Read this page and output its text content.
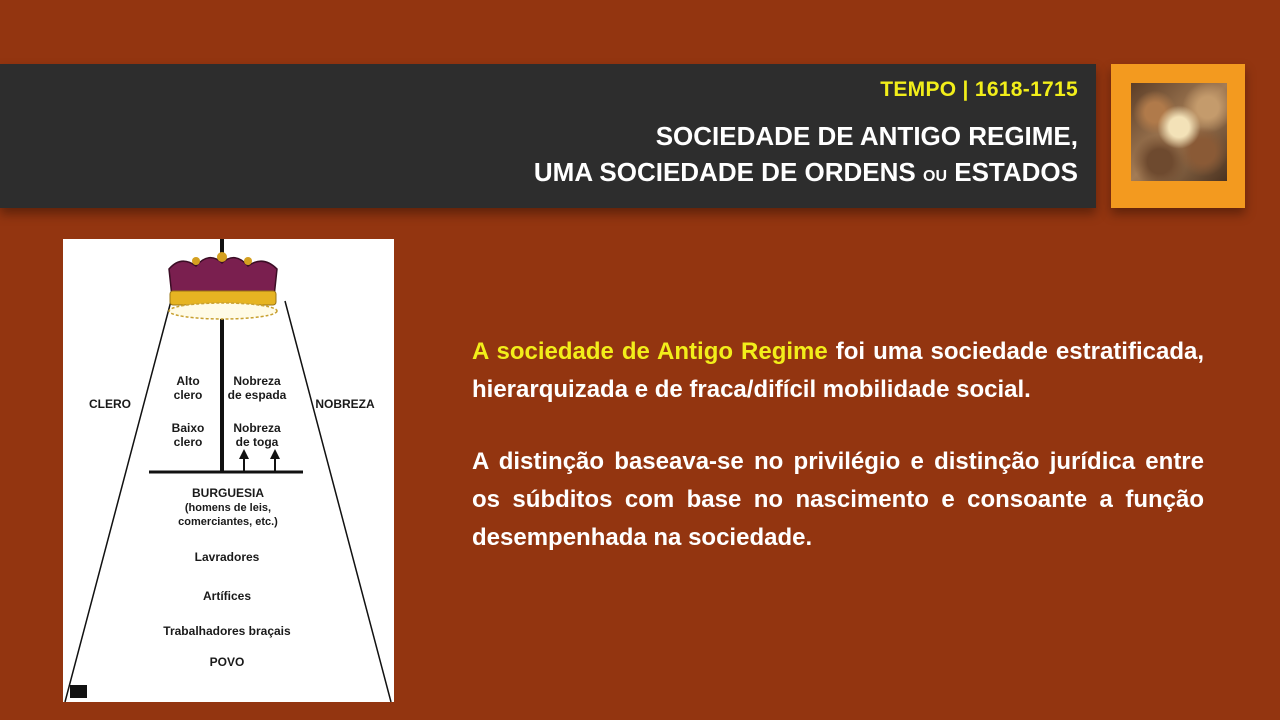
TEMPO | 1618-1715
SOCIEDADE DE ANTIGO REGIME,
UMA SOCIEDADE DE ORDENS OU ESTADOS
CLERO	NOBREZA
Alto
clero
Nobreza
de espada
Baixo
clero
Nobreza
de toga
BURGUESIA
(homens de leis,
comerciantes, etc.)
Lavradores
Artífices
Trabalhadores braçais
POVO

A sociedade de Antigo Regime foi uma sociedade estratificada, hierarquizada e de fraca/difícil mobilidade social.

A distinção baseava-se no privilégio e distinção jurídica entre os súbditos com base no nascimento e consoante a função desempenhada na sociedade.
